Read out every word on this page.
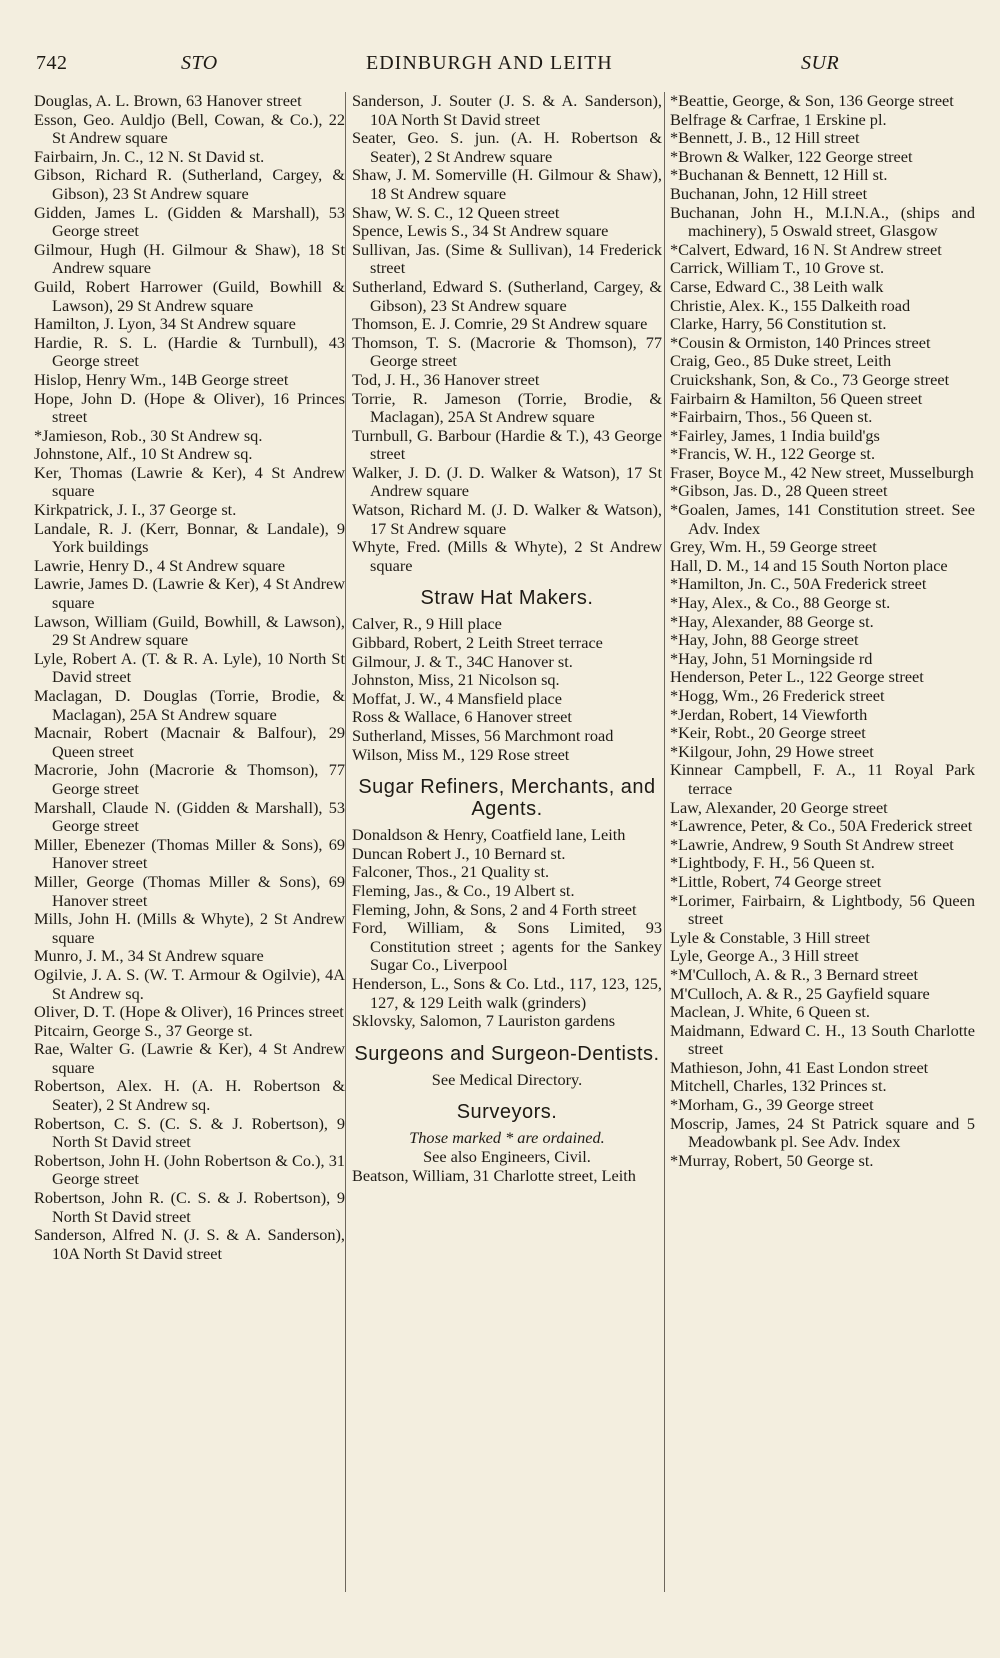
742	STO	EDINBURGH AND LEITH	SUR
Douglas, A. L. Brown, 63 Hanover street
Esson, Geo. Auldjo (Bell, Cowan, & Co.), 22 St Andrew square
Fairbairn, Jn. C., 12 N. St David st.
Gibson, Richard R. (Sutherland, Cargey, & Gibson), 23 St Andrew square
Gidden, James L. (Gidden & Marshall), 53 George street
Gilmour, Hugh (H. Gilmour & Shaw), 18 St Andrew square
Guild, Robert Harrower (Guild, Bowhill & Lawson), 29 St Andrew square
Hamilton, J. Lyon, 34 St Andrew square
Hardie, R. S. L. (Hardie & Turnbull), 43 George street
Hislop, Henry Wm., 14B George street
Hope, John D. (Hope & Oliver), 16 Princes street
*Jamieson, Rob., 30 St Andrew sq.
Johnstone, Alf., 10 St Andrew sq.
Ker, Thomas (Lawrie & Ker), 4 St Andrew square
Kirkpatrick, J. I., 37 George st.
Landale, R. J. (Kerr, Bonnar, & Landale), 9 York buildings
Lawrie, Henry D., 4 St Andrew square
Lawrie, James D. (Lawrie & Ker), 4 St Andrew square
Lawson, William (Guild, Bowhill, & Lawson), 29 St Andrew square
Lyle, Robert A. (T. & R. A. Lyle), 10 North St David street
Maclagan, D. Douglas (Torrie, Brodie, & Maclagan), 25A St Andrew square
Macnair, Robert (Macnair & Balfour), 29 Queen street
Macrorie, John (Macrorie & Thomson), 77 George street
Marshall, Claude N. (Gidden & Marshall), 53 George street
Miller, Ebenezer (Thomas Miller & Sons), 69 Hanover street
Miller, George (Thomas Miller & Sons), 69 Hanover street
Mills, John H. (Mills & Whyte), 2 St Andrew square
Munro, J. M., 34 St Andrew square
Ogilvie, J. A. S. (W. T. Armour & Ogilvie), 4A St Andrew sq.
Oliver, D. T. (Hope & Oliver), 16 Princes street
Pitcairn, George S., 37 George st.
Rae, Walter G. (Lawrie & Ker), 4 St Andrew square
Robertson, Alex. H. (A. H. Robertson & Seater), 2 St Andrew sq.
Robertson, C. S. (C. S. & J. Robertson), 9 North St David street
Robertson, John H. (John Robertson & Co.), 31 George street
Robertson, John R. (C. S. & J. Robertson), 9 North St David street
Sanderson, Alfred N. (J. S. & A. Sanderson), 10A North St David street
Sanderson, J. Souter (J. S. & A. Sanderson), 10A North St David street
Seater, Geo. S. jun. (A. H. Robertson & Seater), 2 St Andrew square
Shaw, J. M. Somerville (H. Gilmour & Shaw), 18 St Andrew square
Shaw, W. S. C., 12 Queen street
Spence, Lewis S., 34 St Andrew square
Sullivan, Jas. (Sime & Sullivan), 14 Frederick street
Sutherland, Edward S. (Sutherland, Cargey, & Gibson), 23 St Andrew square
Thomson, E. J. Comrie, 29 St Andrew square
Thomson, T. S. (Macrorie & Thomson), 77 George street
Tod, J. H., 36 Hanover street
Torrie, R. Jameson (Torrie, Brodie, & Maclagan), 25A St Andrew square
Turnbull, G. Barbour (Hardie & T.), 43 George street
Walker, J. D. (J. D. Walker & Watson), 17 St Andrew square
Watson, Richard M. (J. D. Walker & Watson), 17 St Andrew square
Whyte, Fred. (Mills & Whyte), 2 St Andrew square
Straw Hat Makers.
Calver, R., 9 Hill place
Gibbard, Robert, 2 Leith Street terrace
Gilmour, J. & T., 34C Hanover st.
Johnston, Miss, 21 Nicolson sq.
Moffat, J. W., 4 Mansfield place
Ross & Wallace, 6 Hanover street
Sutherland, Misses, 56 Marchmont road
Wilson, Miss M., 129 Rose street
Sugar Refiners, Merchants, and Agents.
Donaldson & Henry, Coatfield lane, Leith
Duncan Robert J., 10 Bernard st.
Falconer, Thos., 21 Quality st.
Fleming, Jas., & Co., 19 Albert st.
Fleming, John, & Sons, 2 and 4 Forth street
Ford, William, & Sons Limited, 93 Constitution street ; agents for the Sankey Sugar Co., Liverpool
Henderson, L., Sons & Co. Ltd., 117, 123, 125, 127, & 129 Leith walk (grinders)
Sklovsky, Salomon, 7 Lauriston gardens
Surgeons and Surgeon-Dentists.
See Medical Directory.
Surveyors.
Those marked * are ordained.
See also Engineers, Civil.
Beatson, William, 31 Charlotte street, Leith
*Beattie, George, & Son, 136 George street
Belfrage & Carfrae, 1 Erskine pl.
*Bennett, J. B., 12 Hill street
*Brown & Walker, 122 George street
*Buchanan & Bennett, 12 Hill st.
Buchanan, John, 12 Hill street
Buchanan, John H., M.I.N.A., (ships and machinery), 5 Oswald street, Glasgow
*Calvert, Edward, 16 N. St Andrew street
Carrick, William T., 10 Grove st.
Carse, Edward C., 38 Leith walk
Christie, Alex. K., 155 Dalkeith road
Clarke, Harry, 56 Constitution st.
*Cousin & Ormiston, 140 Princes street
Craig, Geo., 85 Duke street, Leith
Cruickshank, Son, & Co., 73 George street
Fairbairn & Hamilton, 56 Queen street
*Fairbairn, Thos., 56 Queen st.
*Fairley, James, 1 India build'gs
*Francis, W. H., 122 George st.
Fraser, Boyce M., 42 New street, Musselburgh
*Gibson, Jas. D., 28 Queen street
*Goalen, James, 141 Constitution street. See Adv. Index
Grey, Wm. H., 59 George street
Hall, D. M., 14 and 15 South Norton place
*Hamilton, Jn. C., 50A Frederick street
*Hay, Alex., & Co., 88 George st.
*Hay, Alexander, 88 George st.
*Hay, John, 88 George street
*Hay, John, 51 Morningside rd
Henderson, Peter L., 122 George street
*Hogg, Wm., 26 Frederick street
*Jerdan, Robert, 14 Viewforth
*Keir, Robt., 20 George street
*Kilgour, John, 29 Howe street
Kinnear Campbell, F. A., 11 Royal Park terrace
Law, Alexander, 20 George street
*Lawrence, Peter, & Co., 50A Frederick street
*Lawrie, Andrew, 9 South St Andrew street
*Lightbody, F. H., 56 Queen st.
*Little, Robert, 74 George street
*Lorimer, Fairbairn, & Lightbody, 56 Queen street
Lyle & Constable, 3 Hill street
Lyle, George A., 3 Hill street
*M'Culloch, A. & R., 3 Bernard street
M'Culloch, A. & R., 25 Gayfield square
Maclean, J. White, 6 Queen st.
Maidmann, Edward C. H., 13 South Charlotte street
Mathieson, John, 41 East London street
Mitchell, Charles, 132 Princes st.
*Morham, G., 39 George street
Moscrip, James, 24 St Patrick square and 5 Meadowbank pl. See Adv. Index
*Murray, Robert, 50 George st.
